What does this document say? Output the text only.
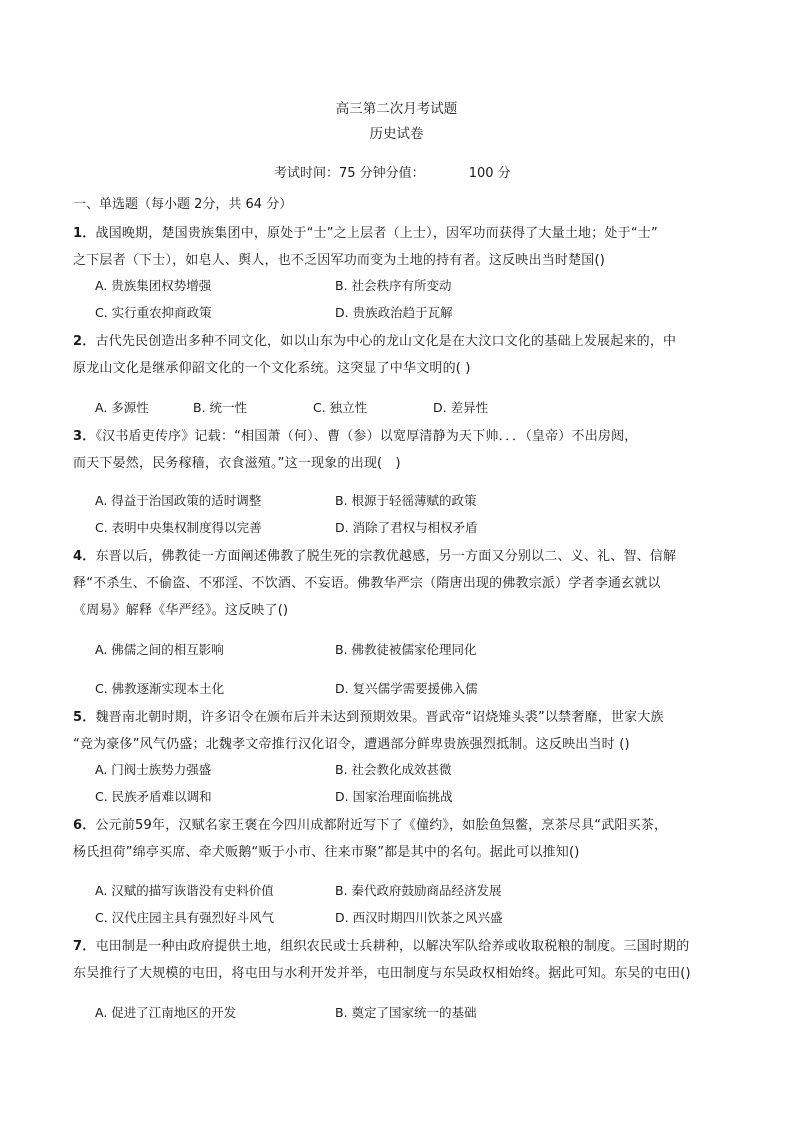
高三第二次月考试题
历史试卷
考试时间：75 分钟分值：	100 分
一、单选题（每小题 2分，共 64 分）
1．战国晚期，楚国贵族集团中，原处于“士”之上层者（上士），因军功而获得了大量土地；处于“士”
之下层者（下士），如皂人、舆人，也不乏因军功而变为土地的持有者。这反映出当时楚国()
A. 贵族集团权势增强	B. 社会秩序有所变动
C. 实行重农抑商政策	D. 贵族政治趋于瓦解
2．古代先民创造出多种不同文化，如以山东为中心的龙山文化是在大汶口文化的基础上发展起来的，中
原龙山文化是继承仰韶文化的一个文化系统。这突显了中华文明的( )
A. 多源性	B. 统一性	C. 独立性	D. 差异性
3．《汉书盾吏传序》记载：“相国萧（何）、曹（参）以宽厚清静为天下帅．．．（皇帝）不出房闼，
而天下晏然，民务稼穑，衣食滋殖。”这一现象的出现(　)
A. 得益于治国政策的适时调整	B. 根源于轻徭薄赋的政策
C. 表明中央集权制度得以完善	D. 消除了君权与相权矛盾
4．东晋以后，佛教徒一方面阐述佛教了脱生死的宗教优越感，另一方面又分别以二、义、礼、智、信解
释“不杀生、不偷盗、不邪淫、不饮酒、不妄语。佛教华严宗（隋唐出现的佛教宗派）学者李通玄就以
《周易》解释《华严经》。这反映了()
A. 佛儒之间的相互影响	B. 佛教徒被儒家伦理同化
C. 佛教逐渐实现本土化	D. 复兴儒学需要援佛入儒
5．魏晋南北朝时期，许多诏令在颁布后并未达到预期效果。晋武帝“诏烧雉头裘”以禁奢靡，世家大族
“竞为豪侈”风气仍盛；北魏孝文帝推行汉化诏令，遭遇部分鲜卑贵族强烈抵制。这反映出当时 ()
A. 门阀士族势力强盛	B. 社会教化成效甚微
C. 民族矛盾难以调和	D. 国家治理面临挑战
6．公元前59年，汉赋名家王褒在今四川成都附近写下了《僮约》，如脍鱼炰鳖，烹茶尽具“武阳买茶，
杨氏担荷”绵亭买席、牵犬贩鹅“贩于小市、往来市聚”都是其中的名句。据此可以推知()
A. 汉赋的描写诙谐没有史料价值	B. 秦代政府鼓励商品经济发展
C. 汉代庄园主具有强烈好斗风气	D. 西汉时期四川饮茶之风兴盛
7．屯田制是一种由政府提供土地，组织农民或士兵耕种，以解决军队给养或收取税粮的制度。三国时期的
东吴推行了大规模的屯田，将屯田与水利开发并举，屯田制度与东吴政权相始终。据此可知。东吴的屯田()
A. 促进了江南地区的开发	B. 奠定了国家统一的基础
